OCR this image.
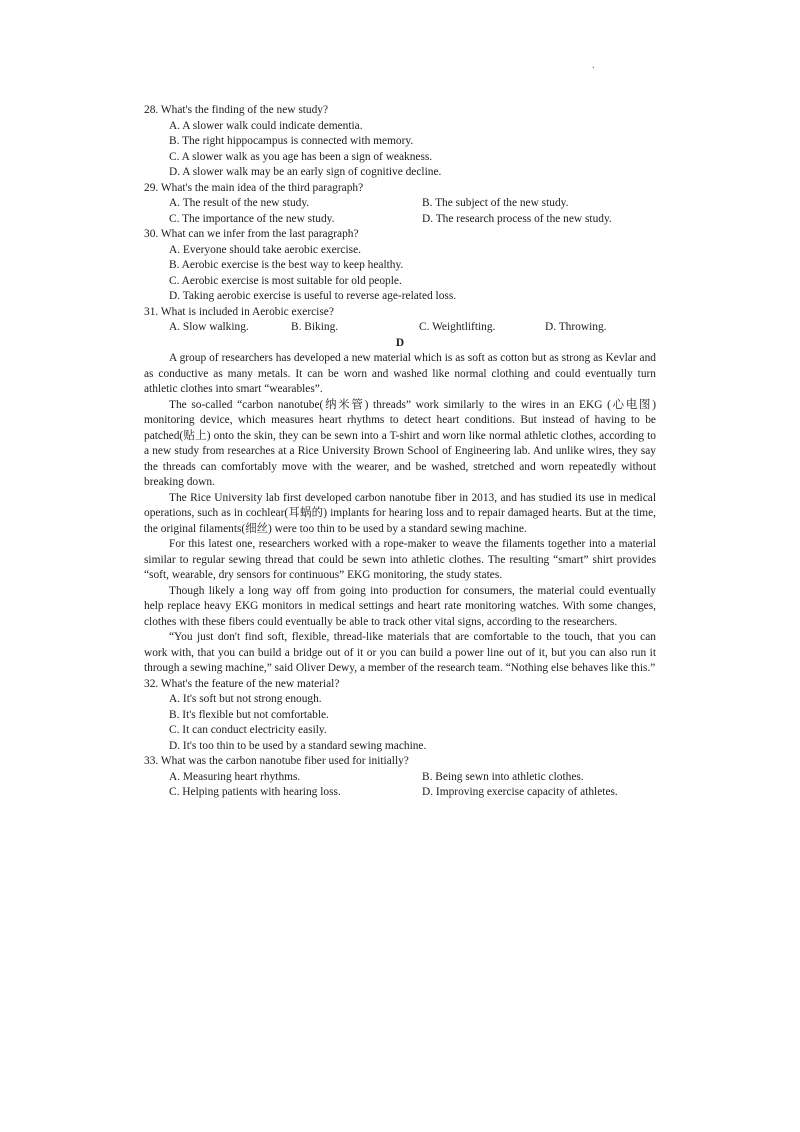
.

28. What's the finding of the new study?

A. A slower walk could indicate dementia.

B. The right hippocampus is connected with memory.

C. A slower walk as you age has been a sign of weakness.

D. A slower walk may be an early sign of cognitive decline.

29. What's the main idea of the third paragraph?

A. The result of the new study.	B. The subject of the new study.
C. The importance of the new study.	D. The research process of the new study.

30. What can we infer from the last paragraph?

A. Everyone should take aerobic exercise.

B. Aerobic exercise is the best way to keep healthy.

C. Aerobic exercise is most suitable for old people.

D. Taking aerobic exercise is useful to reverse age-related loss.

31. What is included in Aerobic exercise?

A. Slow walking.	B. Biking.	C. Weightlifting.	D. Throwing.

D

A group of researchers has developed a new material which is as soft as cotton but as strong as Kevlar and as conductive as many metals. It can be worn and washed like normal clothing and could eventually turn athletic clothes into smart “wearables”.

The so-called “carbon nanotube(纳米管) threads” work similarly to the wires in an EKG (心电图) monitoring device, which measures heart rhythms to detect heart conditions. But instead of having to be patched(贴上) onto the skin, they can be sewn into a T-shirt and worn like normal athletic clothes, according to a new study from researches at a Rice University Brown School of Engineering lab. And unlike wires, they say the threads can comfortably move with the wearer, and be washed, stretched and worn repeatedly without breaking down.

The Rice University lab first developed carbon nanotube fiber in 2013, and has studied its use in medical operations, such as in cochlear(耳蜗的) implants for hearing loss and to repair damaged hearts. But at the time, the original filaments(细丝) were too thin to be used by a standard sewing machine.

For this latest one, researchers worked with a rope-maker to weave the filaments together into a material similar to regular sewing thread that could be sewn into athletic clothes. The resulting “smart” shirt provides “soft, wearable, dry sensors for continuous” EKG monitoring, the study states.

Though likely a long way off from going into production for consumers, the material could eventually help replace heavy EKG monitors in medical settings and heart rate monitoring watches. With some changes, clothes with these fibers could eventually be able to track other vital signs, according to the researchers.

“You just don't find soft, flexible, thread-like materials that are comfortable to the touch, that you can work with, that you can build a bridge out of it or you can build a power line out of it, but you can also run it through a sewing machine,” said Oliver Dewy, a member of the research team. “Nothing else behaves like this.”

32. What's the feature of the new material?

A. It's soft but not strong enough.

B. It's flexible but not comfortable.

C. It can conduct electricity easily.

D. It's too thin to be used by a standard sewing machine.

33. What was the carbon nanotube fiber used for initially?

A. Measuring heart rhythms.	B. Being sewn into athletic clothes.
C. Helping patients with hearing loss.	D. Improving exercise capacity of athletes.
